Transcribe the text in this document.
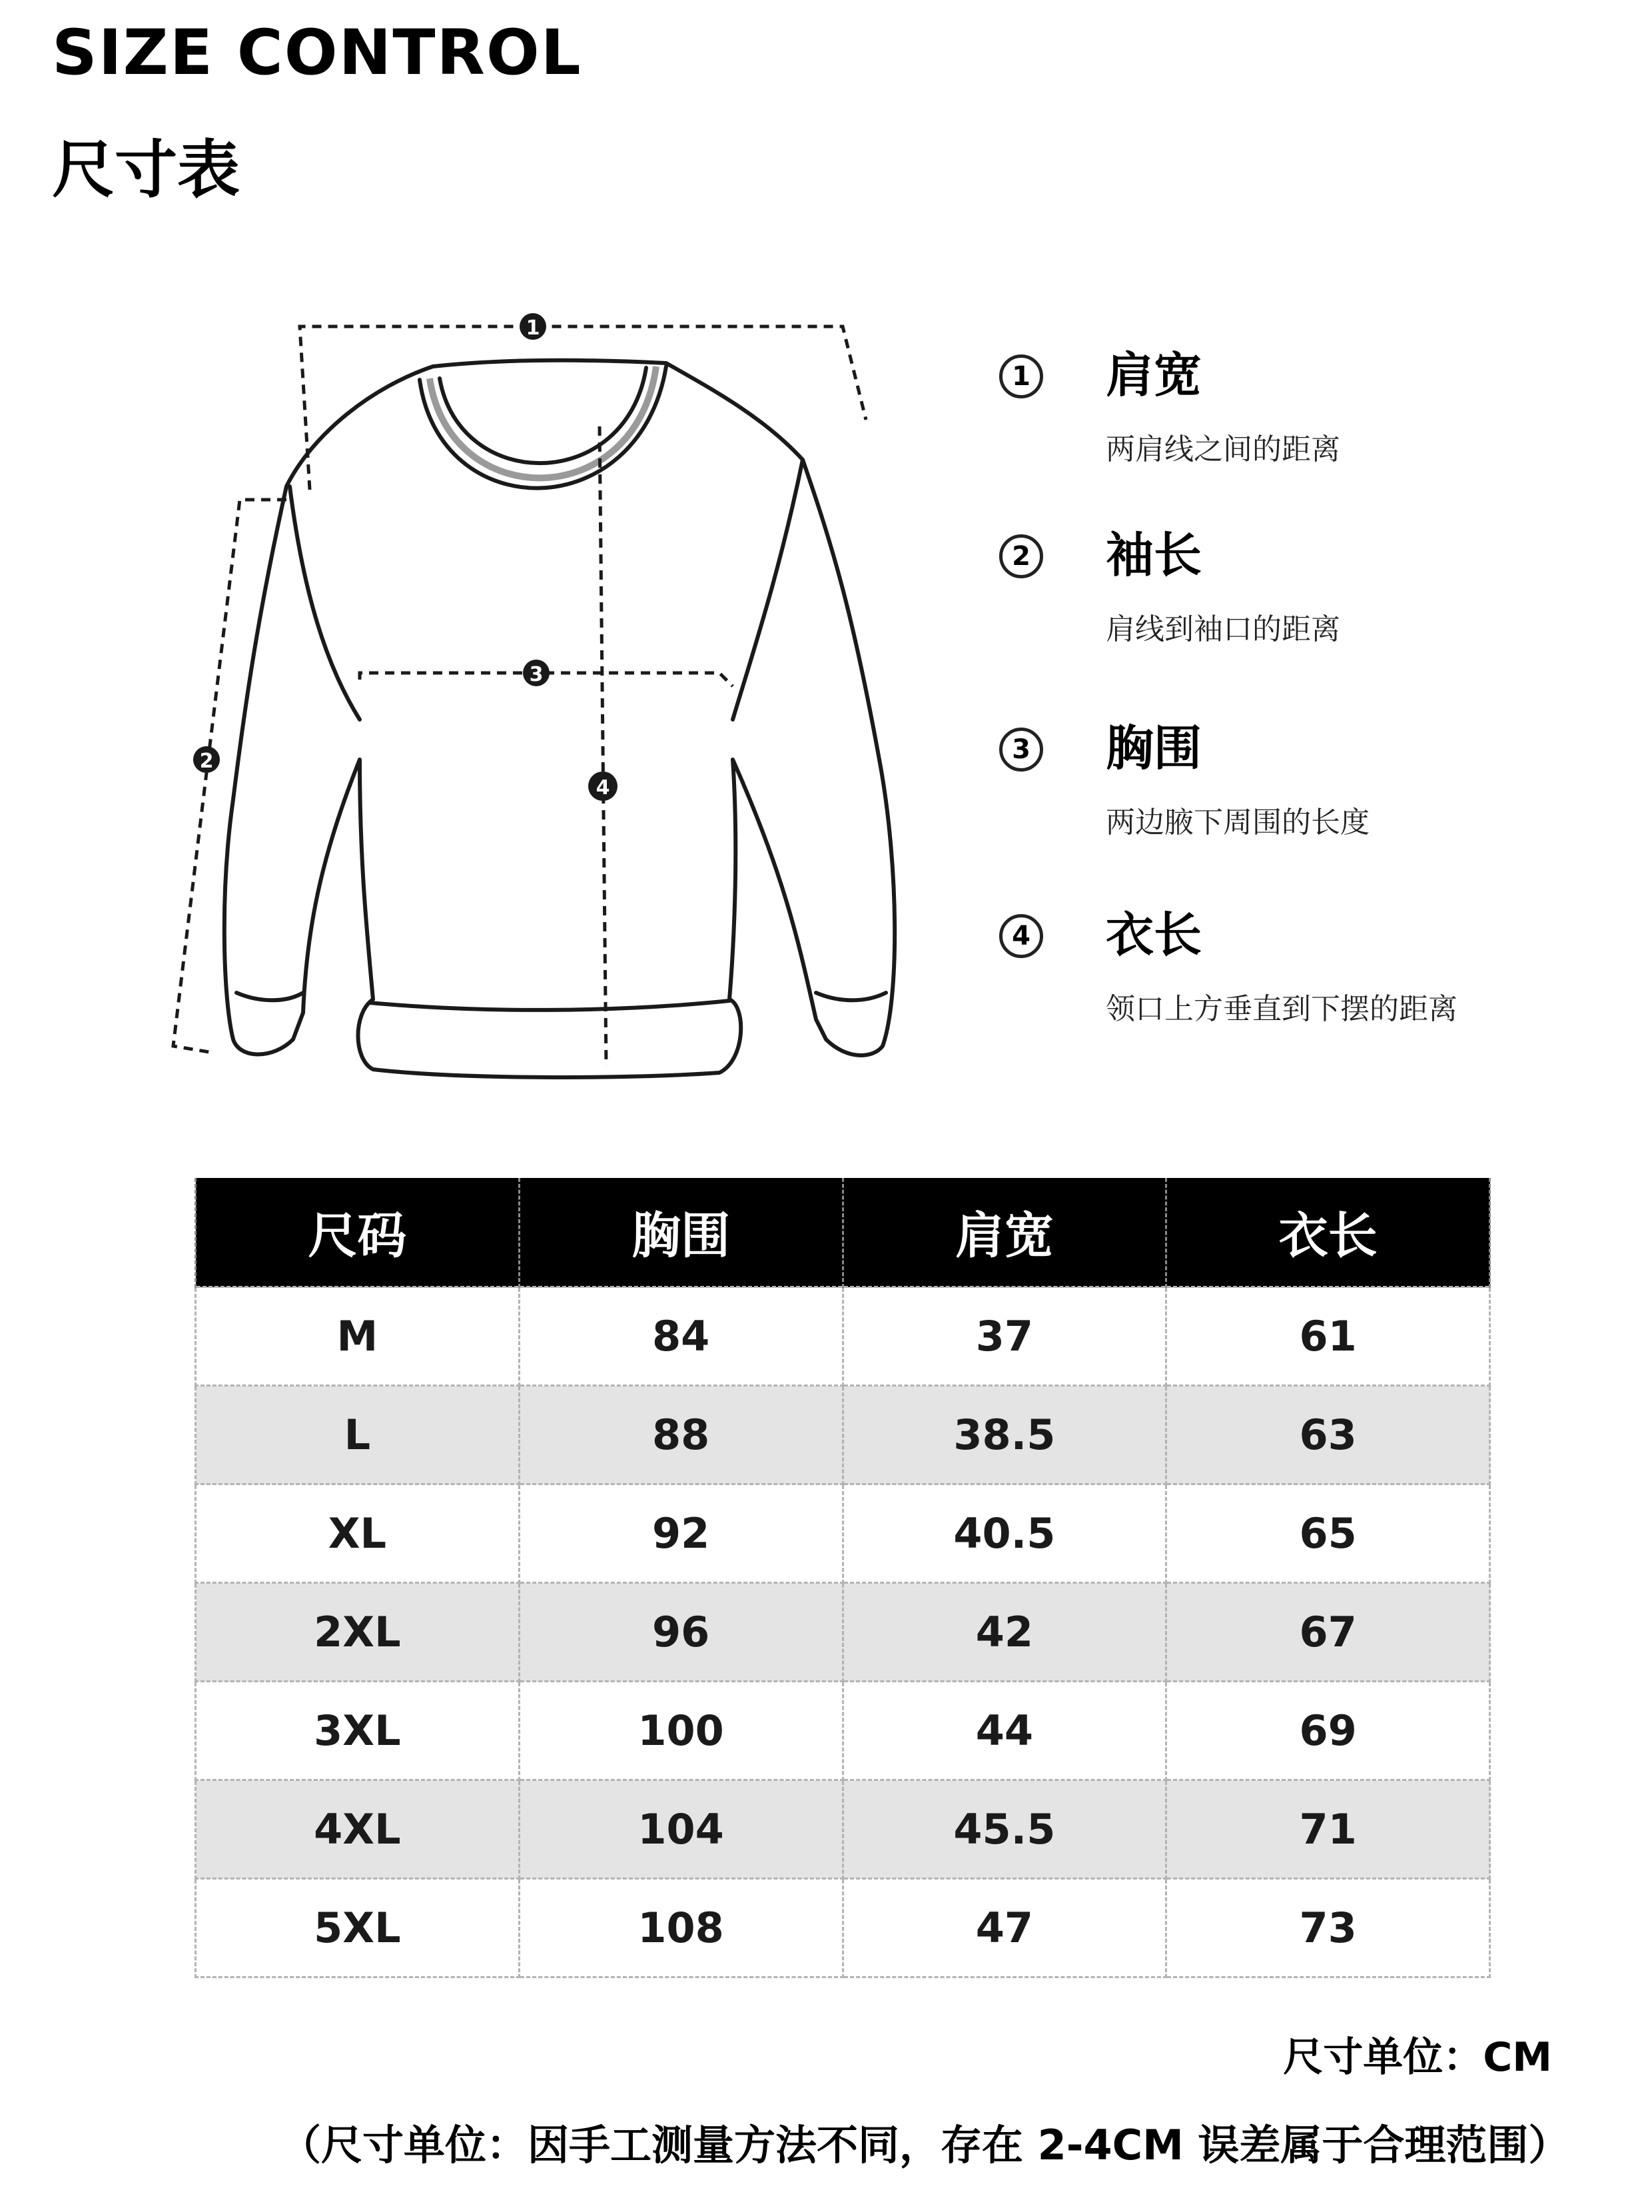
SIZE CONTROL
尺寸表
1
2
3
4
1 肩宽
两肩线之间的距离
2 袖长
肩线到袖口的距离
3 胸围
两边腋下周围的长度
4 衣长
领口上方垂直到下摆的距离
尺码	胸围	肩宽	衣长
M	84	37	61
L	88	38.5	63
XL	92	40.5	65
2XL	96	42	67
3XL	100	44	69
4XL	104	45.5	71
5XL	108	47	73
尺寸单位：CM
（尺寸单位：因手工测量方法不同，存在 2-4CM 误差属于合理范围）
